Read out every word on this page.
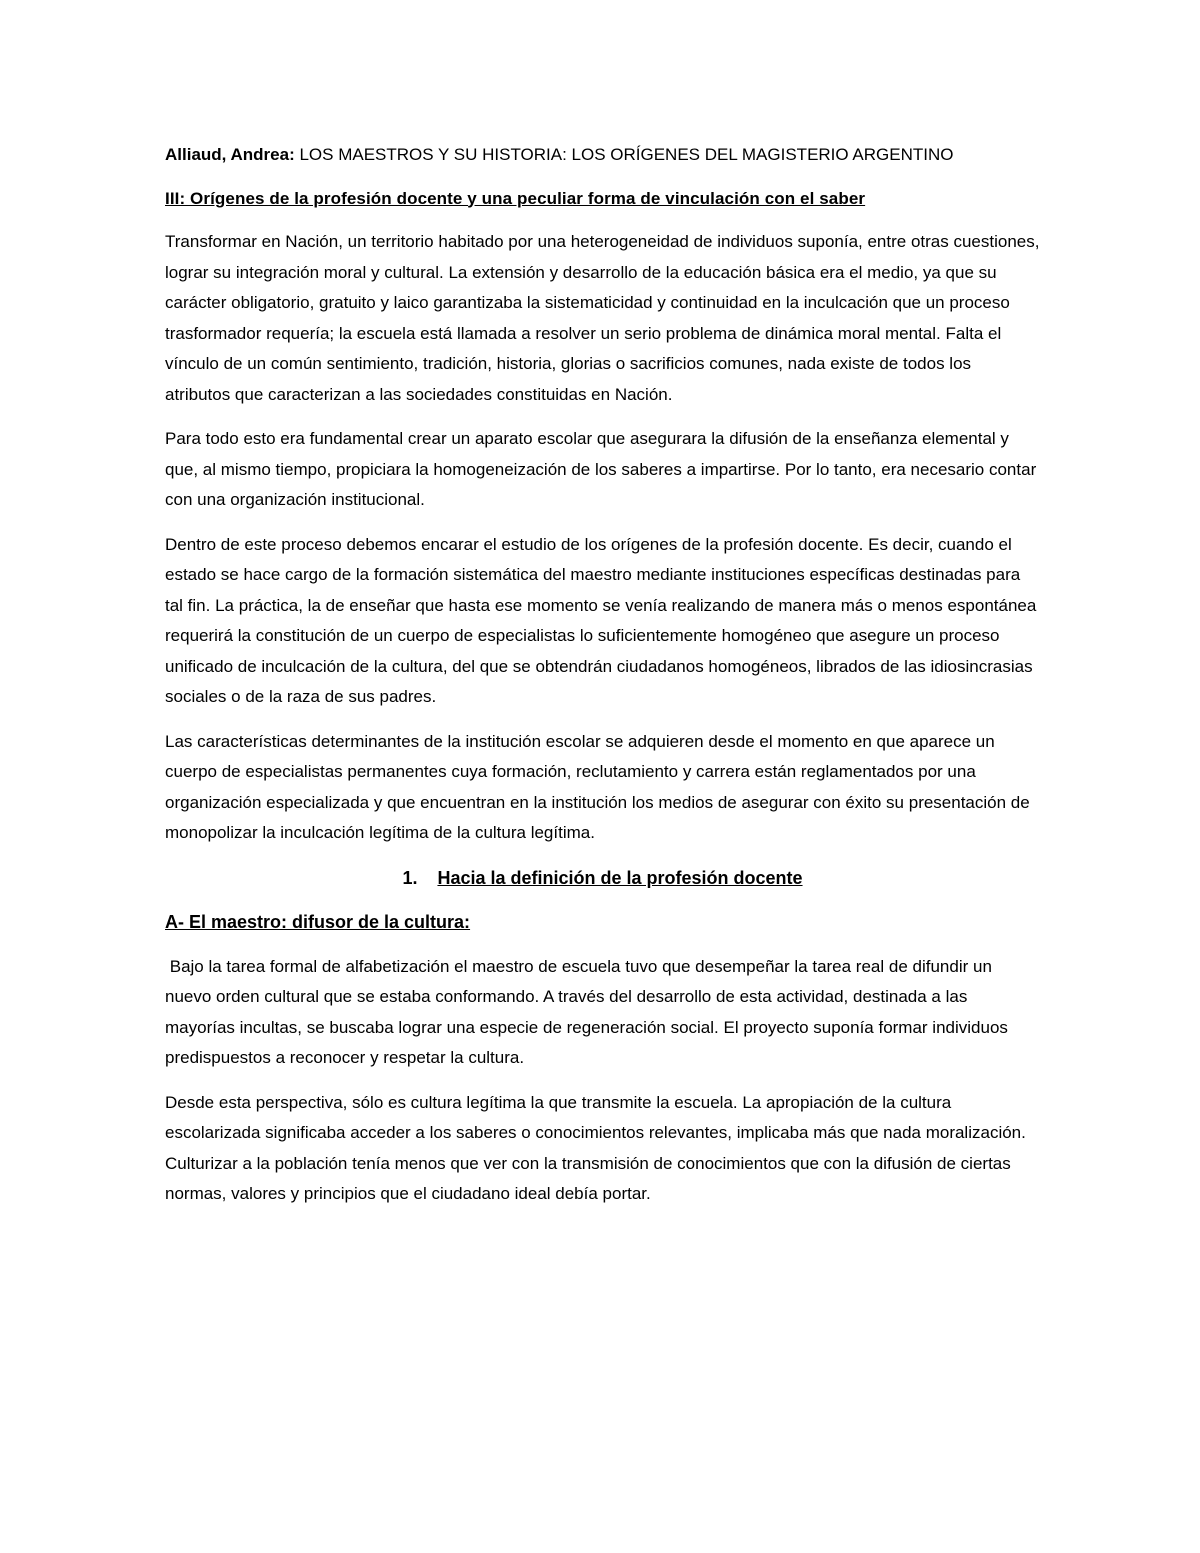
Alliaud, Andrea: LOS MAESTROS Y SU HISTORIA: LOS ORÍGENES DEL MAGISTERIO ARGENTINO
III: Orígenes de la profesión docente y una peculiar forma de vinculación con el saber

Transformar en Nación, un territorio habitado por una heterogeneidad de individuos suponía, entre otras cuestiones, lograr su integración moral y cultural. La extensión y desarrollo de la educación básica era el medio, ya que su carácter obligatorio, gratuito y laico garantizaba la sistematicidad y continuidad en la inculcación que un proceso trasformador requería; la escuela está llamada a resolver un serio problema de dinámica moral mental. Falta el vínculo de un común sentimiento, tradición, historia, glorias o sacrificios comunes, nada existe de todos los atributos que caracterizan a las sociedades constituidas en Nación.

Para todo esto era fundamental crear un aparato escolar que asegurara la difusión de la enseñanza elemental y que, al mismo tiempo, propiciara la homogeneización de los saberes a impartirse. Por lo tanto, era necesario contar con una organización institucional.

Dentro de este proceso debemos encarar el estudio de los orígenes de la profesión docente. Es decir, cuando el estado se hace cargo de la formación sistemática del maestro mediante instituciones específicas destinadas para tal fin. La práctica, la de enseñar que hasta ese momento se venía realizando de manera más o menos espontánea requerirá la constitución de un cuerpo de especialistas lo suficientemente homogéneo que asegure un proceso unificado de inculcación de la cultura, del que se obtendrán ciudadanos homogéneos, librados de las idiosincrasias sociales o de la raza de sus padres.

Las características determinantes de la institución escolar se adquieren desde el momento en que aparece un cuerpo de especialistas permanentes cuya formación, reclutamiento y carrera están reglamentados por una organización especializada y que encuentran en la institución los medios de asegurar con éxito su presentación de monopolizar la inculcación legítima de la cultura legítima.

1. Hacia la definición de la profesión docente
A- El maestro: difusor de la cultura:

Bajo la tarea formal de alfabetización el maestro de escuela tuvo que desempeñar la tarea real de difundir un nuevo orden cultural que se estaba conformando. A través del desarrollo de esta actividad, destinada a las mayorías incultas, se buscaba lograr una especie de regeneración social. El proyecto suponía formar individuos predispuestos a reconocer y respetar la cultura.

Desde esta perspectiva, sólo es cultura legítima la que transmite la escuela. La apropiación de la cultura escolarizada significaba acceder a los saberes o conocimientos relevantes, implicaba más que nada moralización. Culturizar a la población tenía menos que ver con la transmisión de conocimientos que con la difusión de ciertas normas, valores y principios que el ciudadano ideal debía portar.
